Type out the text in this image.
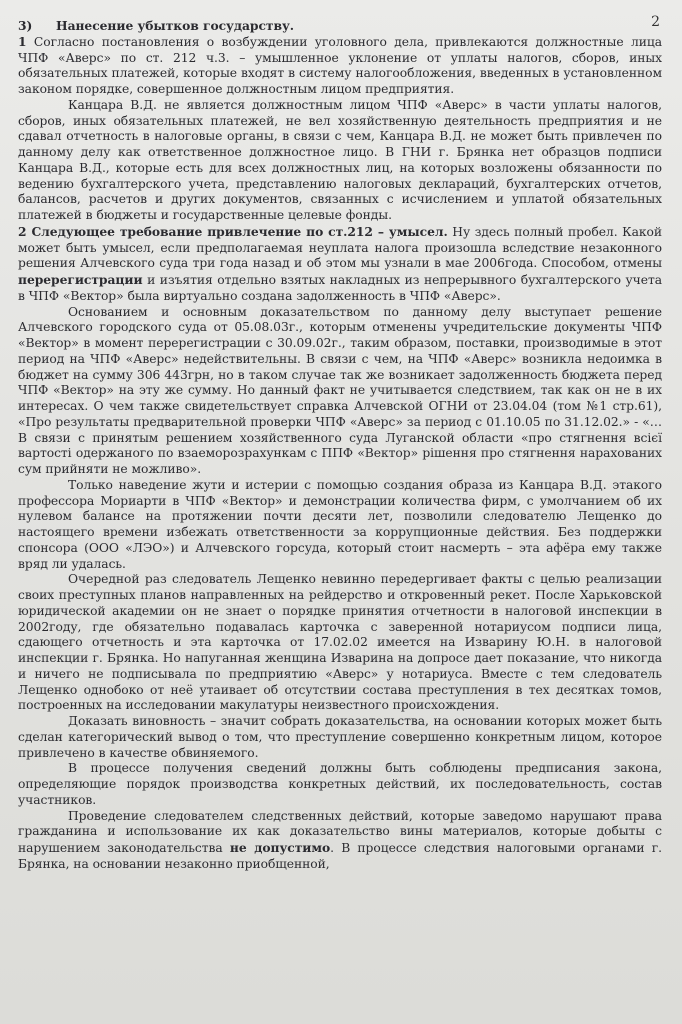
2

3) Нанесение убытков государству.

1 Согласно постановления о возбуждении уголовного дела, привлекаются должностные лица ЧПФ «Аверс» по ст. 212 ч.3. – умышленное уклонение от уплаты налогов, сборов, иных обязательных платежей, которые входят в систему налогообложения, введенных в установленном законом порядке, совершенное должностным лицом предприятия.

Канцара В.Д. не является должностным лицом ЧПФ «Аверс» в части уплаты налогов, сборов, иных обязательных платежей, не вел хозяйственную деятельность предприятия и не сдавал отчетность в налоговые органы, в связи с чем, Канцара В.Д. не может быть привлечен по данному делу как ответственное должностное лицо. В ГНИ г. Брянка нет образцов подписи Канцара В.Д., которые есть для всех должностных лиц, на которых возложены обязанности по ведению бухгалтерского учета, представлению налоговых деклараций, бухгалтерских отчетов, балансов, расчетов и других документов, связанных с исчислением и уплатой обязательных платежей в бюджеты и государственные целевые фонды.

2 Следующее требование привлечение по ст.212 – умысел. Ну здесь полный пробел. Какой может быть умысел, если предполагаемая неуплата налога произошла вследствие незаконного решения Алчевского суда три года назад и об этом мы узнали в мае 2006года. Способом, отмены перерегистрации и изъятия отдельно взятых накладных из непрерывного бухгалтерского учета в ЧПФ «Вектор» была виртуально создана задолженность в ЧПФ «Аверс».

Основанием и основным доказательством по данному делу выступает решение Алчевского городского суда от 05.08.03г., которым отменены учредительские документы ЧПФ «Вектор» в момент перерегистрации с 30.09.02г., таким образом, поставки, производимые в этот период на ЧПФ «Аверс» недействительны. В связи с чем, на ЧПФ «Аверс» возникла недоимка в бюджет на сумму 306 443грн, но в таком случае так же возникает задолженность бюджета перед ЧПФ «Вектор» на эту же сумму. Но данный факт не учитывается следствием, так как он не в их интересах. О чем также свидетельствует справка Алчевской ОГНИ от 23.04.04 (том №1 стр.61), «Про результаты предварительной проверки ЧПФ «Аверс» за период с 01.10.05 по 31.12.02.» - «…В связи с принятым решением хозяйственного суда Луганской области «про стягнення всієї вартості одержаного по взаеморозрахункам с ППФ «Вектор» рішення про стягнення нарахованих сум прийняти не можливо».

Только наведение жути и истерии с помощью создания образа из Канцара В.Д. этакого профессора Мориарти в ЧПФ «Вектор» и демонстрации количества фирм, с умолчанием об их нулевом балансе на протяжении почти десяти лет, позволили следователю Лещенко до настоящего времени избежать ответственности за коррупционные действия. Без поддержки спонсора (ООО «ЛЭО») и Алчевского горсуда, который стоит насмерть – эта афёра ему также вряд ли удалась.

Очередной раз следователь Лещенко невинно передергивает факты с целью реализации своих преступных планов направленных на рейдерство и откровенный рекет. После Харьковской юридической академии он не знает о порядке принятия отчетности в налоговой инспекции в 2002году, где обязательно подавалась карточка с заверенной нотариусом подписи лица, сдающего отчетность и эта карточка от 17.02.02 имеется на Изварину Ю.Н. в налоговой инспекции г. Брянка. Но напуганная женщина Изварина на допросе дает показание, что никогда и ничего не подписывала по предприятию «Аверс» у нотариуса. Вместе с тем следователь Лещенко однобоко от неё утаивает об отсутствии состава преступления в тех десятках томов, построенных на исследовании макулатуры неизвестного происхождения.

Доказать виновность – значит собрать доказательства, на основании которых может быть сделан категорический вывод о том, что преступление совершенно конкретным лицом, которое привлечено в качестве обвиняемого.

В процессе получения сведений должны быть соблюдены предписания закона, определяющие порядок производства конкретных действий, их последовательность, состав участников.

Проведение следователем следственных действий, которые заведомо нарушают права гражданина и использование их как доказательство вины материалов, которые добыты с нарушением законодательства не допустимо. В процессе следствия налоговыми органами г. Брянка, на основании незаконно приобщенной,
